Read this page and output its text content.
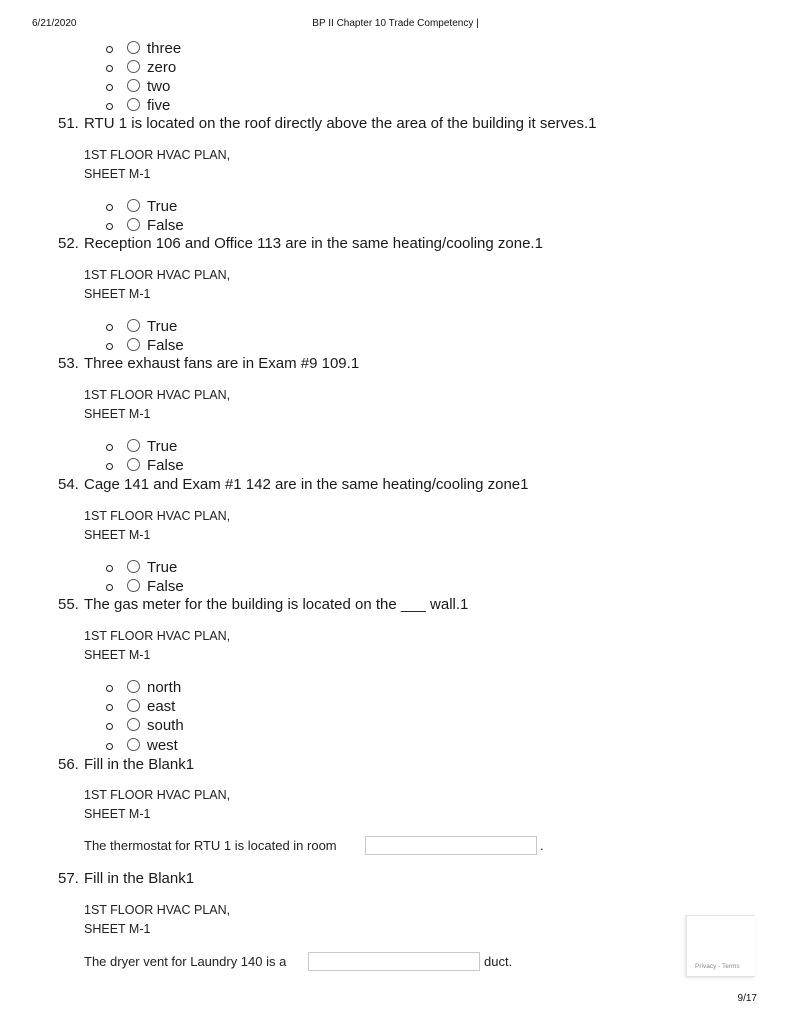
6/21/2020	BP II Chapter 10 Trade Competency |
three
zero
two
five
51. RTU 1 is located on the roof directly above the area of the building it serves.1
1ST FLOOR HVAC PLAN,
SHEET M-1
True
False
52. Reception 106 and Office 113 are in the same heating/cooling zone.1
1ST FLOOR HVAC PLAN,
SHEET M-1
True
False
53. Three exhaust fans are in Exam #9 109.1
1ST FLOOR HVAC PLAN,
SHEET M-1
True
False
54. Cage 141 and Exam #1 142 are in the same heating/cooling zone1
1ST FLOOR HVAC PLAN,
SHEET M-1
True
False
55. The gas meter for the building is located on the ___ wall.1
1ST FLOOR HVAC PLAN,
SHEET M-1
north
east
south
west
56. Fill in the Blank1
1ST FLOOR HVAC PLAN,
SHEET M-1
The thermostat for RTU 1 is located in room	.
57. Fill in the Blank1
1ST FLOOR HVAC PLAN,
SHEET M-1
The dryer vent for Laundry 140 is a	duct.	Privacy - Terms
9/17
